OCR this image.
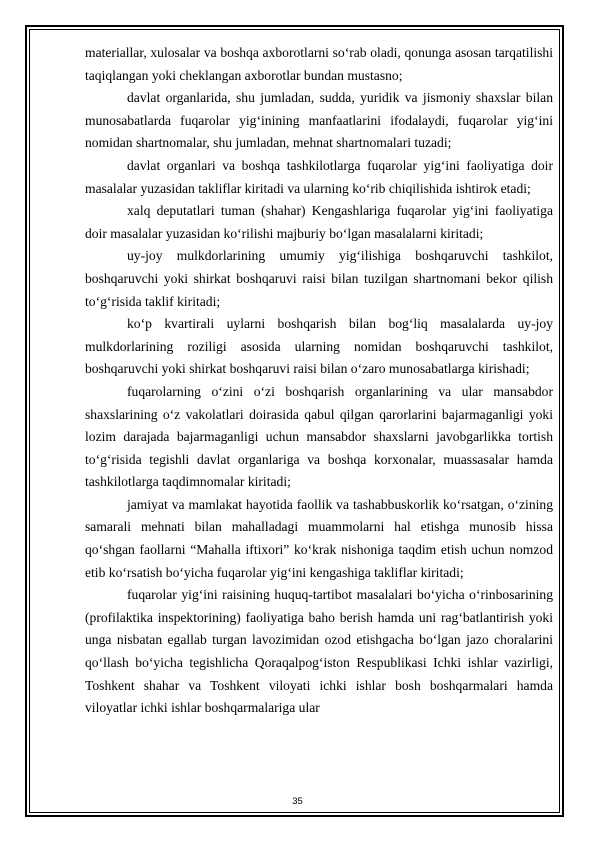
materiallar, xulosalar va boshqa axborotlarni so‘rab oladi, qonunga asosan tarqatilishi taqiqlangan yoki cheklangan axborotlar bundan mustasno;

davlat organlarida, shu jumladan, sudda, yuridik va jismoniy shaxslar bilan munosabatlarda fuqarolar yig‘inining manfaatlarini ifodalaydi, fuqarolar yig‘ini nomidan shartnomalar, shu jumladan, mehnat shartnomalari tuzadi;

davlat organlari va boshqa tashkilotlarga fuqarolar yig‘ini faoliyatiga doir masalalar yuzasidan takliflar kiritadi va ularning ko‘rib chiqilishida ishtirok etadi;

xalq deputatlari tuman (shahar) Kengashlariga fuqarolar yig‘ini faoliyatiga doir masalalar yuzasidan ko‘rilishi majburiy bo‘lgan masalalarni kiritadi;

uy-joy mulkdorlarining umumiy yig‘ilishiga boshqaruvchi tashkilot, boshqaruvchi yoki shirkat boshqaruvi raisi bilan tuzilgan shartnomani bekor qilish to‘g‘risida taklif kiritadi;

ko‘p kvartirali uylarni boshqarish bilan bog‘liq masalalarda uy-joy mulkdorlarining roziligi asosida ularning nomidan boshqaruvchi tashkilot, boshqaruvchi yoki shirkat boshqaruvi raisi bilan o‘zaro munosabatlarga kirishadi;

fuqarolarning o‘zini o‘zi boshqarish organlarining va ular mansabdor shaxslarining o‘z vakolatlari doirasida qabul qilgan qarorlarini bajarmaganligi yoki lozim darajada bajarmaganligi uchun mansabdor shaxslarni javobgarlikka tortish to‘g‘risida tegishli davlat organlariga va boshqa korxonalar, muassasalar hamda tashkilotlarga taqdimnomalar kiritadi;

jamiyat va mamlakat hayotida faollik va tashabbuskorlik ko‘rsatgan, o‘zining samarali mehnati bilan mahalladagi muammolarni hal etishga munosib hissa qo‘shgan faollarni “Mahalla iftixori” ko‘krak nishoniga taqdim etish uchun nomzod etib ko‘rsatish bo‘yicha fuqarolar yig‘ini kengashiga takliflar kiritadi;

fuqarolar yig‘ini raisining huquq-tartibot masalalari bo‘yicha o‘rinbosarining (profilaktika inspektorining) faoliyatiga baho berish hamda uni rag‘batlantirish yoki unga nisbatan egallab turgan lavozimidan ozod etishgacha bo‘lgan jazo choralarini qo‘llash bo‘yicha tegishlicha Qoraqalpog‘iston Respublikasi Ichki ishlar vazirligi, Toshkent shahar va Toshkent viloyati ichki ishlar bosh boshqarmalari hamda viloyatlar ichki ishlar boshqarmalariga ular

35
